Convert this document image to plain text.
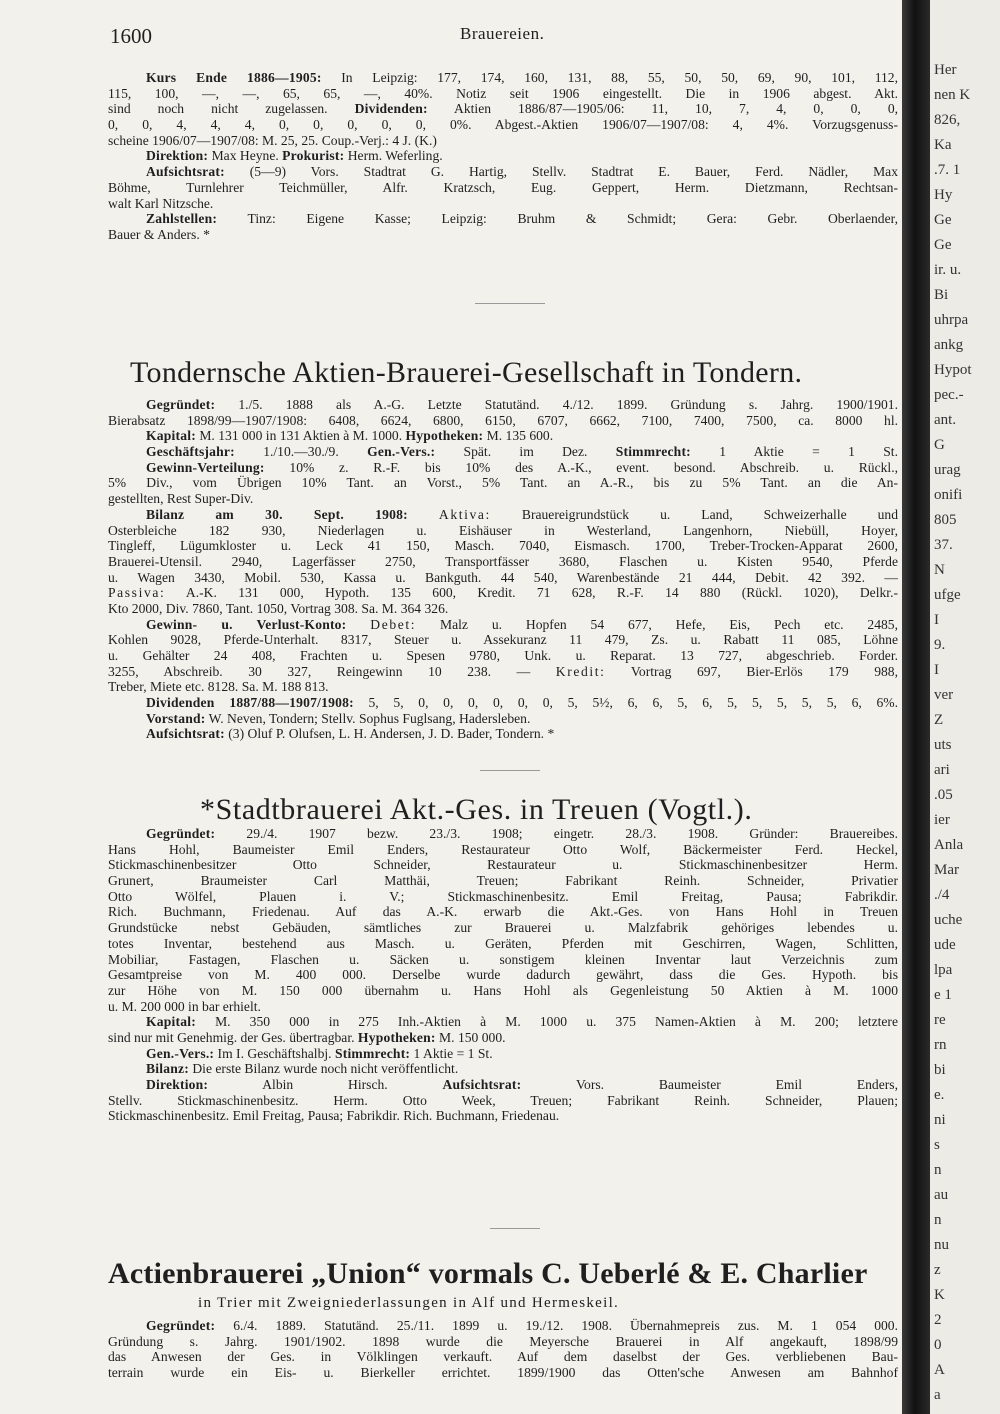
Her
nen K
826,
Ka
.7. 1
Hy
Ge
Ge
ir. u.
Bi
uhrpa
ankg
Hypot
pec.-
ant.
G
urag
onifi
805
37.
N
ufge
I
9.
I
ver
Z
uts
ari
.05
ier
Anla
Mar
./4
uche
ude
lpa
e 1
re
rn
bi
e.
ni
s
n
au
n
nu
z
K
2
0
A
a
1600	Brauereien.
Kurs Ende 1886—1905: In Leipzig: 177, 174, 160, 131, 88, 55, 50, 50, 69, 90, 101, 112,
115, 100, —, —, 65, 65, —, 40%. Notiz seit 1906 eingestellt. Die in 1906 abgest. Akt.
sind noch nicht zugelassen. Dividenden: Aktien 1886/87—1905/06: 11, 10, 7, 4, 0, 0, 0,
0, 0, 4, 4, 4, 0, 0, 0, 0, 0, 0%. Abgest.-Aktien 1906/07—1907/08: 4, 4%. Vorzugsgenuss-
scheine 1906/07—1907/08: M. 25, 25. Coup.-Verj.: 4 J. (K.)
Direktion: Max Heyne. Prokurist: Herm. Weferling.
Aufsichtsrat: (5—9) Vors. Stadtrat G. Hartig, Stellv. Stadtrat E. Bauer, Ferd. Nädler, Max
Böhme, Turnlehrer Teichmüller, Alfr. Kratzsch, Eug. Geppert, Herm. Dietzmann, Rechtsan-
walt Karl Nitzsche.
Zahlstellen: Tinz: Eigene Kasse; Leipzig: Bruhm & Schmidt; Gera: Gebr. Oberlaender,
Bauer & Anders. *
Tondernsche Aktien-Brauerei-Gesellschaft in Tondern.
Gegründet: 1./5. 1888 als A.-G. Letzte Statutänd. 4./12. 1899. Gründung s. Jahrg. 1900/1901.
Bierabsatz 1898/99—1907/1908: 6408, 6624, 6800, 6150, 6707, 6662, 7100, 7400, 7500, ca. 8000 hl.
Kapital: M. 131 000 in 131 Aktien à M. 1000. Hypotheken: M. 135 600.
Geschäftsjahr: 1./10.—30./9. Gen.-Vers.: Spät. im Dez. Stimmrecht: 1 Aktie = 1 St.
Gewinn-Verteilung: 10% z. R.-F. bis 10% des A.-K., event. besond. Abschreib. u. Rückl.,
5% Div., vom Übrigen 10% Tant. an Vorst., 5% Tant. an A.-R., bis zu 5% Tant. an die An-
gestellten, Rest Super-Div.
Bilanz am 30. Sept. 1908: Aktiva: Brauereigrundstück u. Land, Schweizerhalle und
Osterbleiche 182 930, Niederlagen u. Eishäuser in Westerland, Langenhorn, Niebüll, Hoyer,
Tingleff, Lügumkloster u. Leck 41 150, Masch. 7040, Eismasch. 1700, Treber-Trocken-Apparat 2600,
Brauerei-Utensil. 2940, Lagerfässer 2750, Transportfässer 3680, Flaschen u. Kisten 9540, Pferde
u. Wagen 3430, Mobil. 530, Kassa u. Bankguth. 44 540, Warenbestände 21 444, Debit. 42 392. —
Passiva: A.-K. 131 000, Hypoth. 135 600, Kredit. 71 628, R.-F. 14 880 (Rückl. 1020), Delkr.-
Kto 2000, Div. 7860, Tant. 1050, Vortrag 308. Sa. M. 364 326.
Gewinn- u. Verlust-Konto: Debet: Malz u. Hopfen 54 677, Hefe, Eis, Pech etc. 2485,
Kohlen 9028, Pferde-Unterhalt. 8317, Steuer u. Assekuranz 11 479, Zs. u. Rabatt 11 085, Löhne
u. Gehälter 24 408, Frachten u. Spesen 9780, Unk. u. Reparat. 13 727, abgeschrieb. Forder.
3255, Abschreib. 30 327, Reingewinn 10 238. — Kredit: Vortrag 697, Bier-Erlös 179 988,
Treber, Miete etc. 8128. Sa. M. 188 813.
Dividenden 1887/88—1907/1908: 5, 5, 0, 0, 0, 0, 0, 0, 5, 5½, 6, 6, 5, 6, 5, 5, 5, 5, 5, 6, 6%.
Vorstand: W. Neven, Tondern; Stellv. Sophus Fuglsang, Hadersleben.
Aufsichtsrat: (3) Oluf P. Olufsen, L. H. Andersen, J. D. Bader, Tondern. *
*Stadtbrauerei Akt.-Ges. in Treuen (Vogtl.).
Gegründet: 29./4. 1907 bezw. 23./3. 1908; eingetr. 28./3. 1908. Gründer: Brauereibes.
Hans Hohl, Baumeister Emil Enders, Restaurateur Otto Wolf, Bäckermeister Ferd. Heckel,
Stickmaschinenbesitzer Otto Schneider, Restaurateur u. Stickmaschinenbesitzer Herm.
Grunert, Braumeister Carl Matthäi, Treuen; Fabrikant Reinh. Schneider, Privatier
Otto Wölfel, Plauen i. V.; Stickmaschinenbesitz. Emil Freitag, Pausa; Fabrikdir.
Rich. Buchmann, Friedenau. Auf das A.-K. erwarb die Akt.-Ges. von Hans Hohl in Treuen
Grundstücke nebst Gebäuden, sämtliches zur Brauerei u. Malzfabrik gehöriges lebendes u.
totes Inventar, bestehend aus Masch. u. Geräten, Pferden mit Geschirren, Wagen, Schlitten,
Mobiliar, Fastagen, Flaschen u. Säcken u. sonstigem kleinen Inventar laut Verzeichnis zum
Gesamtpreise von M. 400 000. Derselbe wurde dadurch gewährt, dass die Ges. Hypoth. bis
zur Höhe von M. 150 000 übernahm u. Hans Hohl als Gegenleistung 50 Aktien à M. 1000
u. M. 200 000 in bar erhielt.
Kapital: M. 350 000 in 275 Inh.-Aktien à M. 1000 u. 375 Namen-Aktien à M. 200; letztere
sind nur mit Genehmig. der Ges. übertragbar. Hypotheken: M. 150 000.
Gen.-Vers.: Im I. Geschäftshalbj. Stimmrecht: 1 Aktie = 1 St.
Bilanz: Die erste Bilanz wurde noch nicht veröffentlicht.
Direktion: Albin Hirsch. Aufsichtsrat: Vors. Baumeister Emil Enders,
Stellv. Stickmaschinenbesitz. Herm. Otto Week, Treuen; Fabrikant Reinh. Schneider, Plauen;
Stickmaschinenbesitz. Emil Freitag, Pausa; Fabrikdir. Rich. Buchmann, Friedenau.
Actienbrauerei „Union“ vormals C. Ueberlé & E. Charlier
in Trier mit Zweigniederlassungen in Alf und Hermeskeil.
Gegründet: 6./4. 1889. Statutänd. 25./11. 1899 u. 19./12. 1908. Übernahmepreis zus. M. 1 054 000.
Gründung s. Jahrg. 1901/1902. 1898 wurde die Meyersche Brauerei in Alf angekauft, 1898/99
das Anwesen der Ges. in Völklingen verkauft. Auf dem daselbst der Ges. verbliebenen Bau-
terrain wurde ein Eis- u. Bierkeller errichtet. 1899/1900 das Otten'sche Anwesen am Bahnhof
